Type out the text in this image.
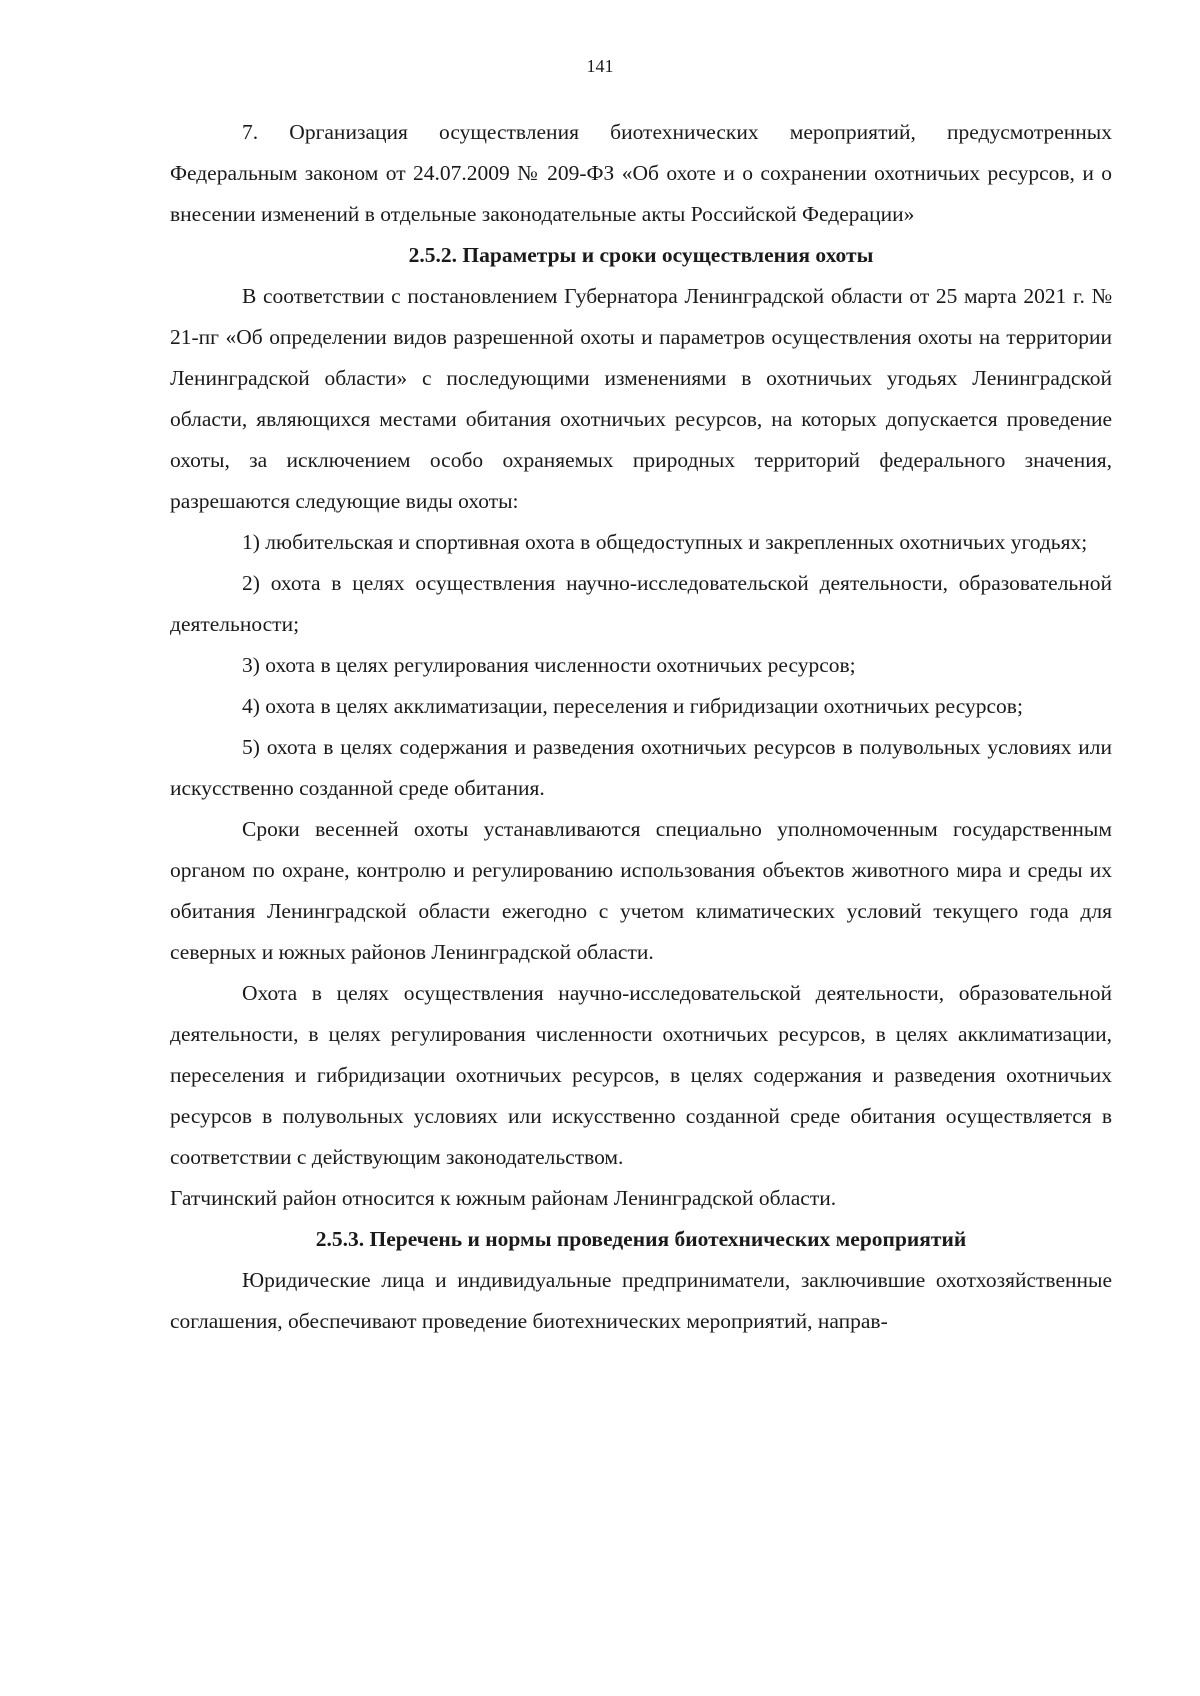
141

7. Организация осуществления биотехнических мероприятий, предусмотренных Федеральным законом от 24.07.2009 № 209-ФЗ «Об охоте и о сохранении охотничьих ресурсов, и о внесении изменений в отдельные законодательные акты Российской Федерации»

2.5.2. Параметры и сроки осуществления охоты

В соответствии с постановлением Губернатора Ленинградской области от 25 марта 2021 г. № 21-пг «Об определении видов разрешенной охоты и параметров осуществления охоты на территории Ленинградской области» с последующими изменениями в охотничьих угодьях Ленинградской области, являющихся местами обитания охотничьих ресурсов, на которых допускается проведение охоты, за исключением особо охраняемых природных территорий федерального значения, разрешаются следующие виды охоты:

1) любительская и спортивная охота в общедоступных и закрепленных охотничьих угодьях;

2) охота в целях осуществления научно-исследовательской деятельности, образовательной деятельности;

3) охота в целях регулирования численности охотничьих ресурсов;

4) охота в целях акклиматизации, переселения и гибридизации охотничьих ресурсов;

5) охота в целях содержания и разведения охотничьих ресурсов в полувольных условиях или искусственно созданной среде обитания.

Сроки весенней охоты устанавливаются специально уполномоченным государственным органом по охране, контролю и регулированию использования объектов животного мира и среды их обитания Ленинградской области ежегодно с учетом климатических условий текущего года для северных и южных районов Ленинградской области.

Охота в целях осуществления научно-исследовательской деятельности, образовательной деятельности, в целях регулирования численности охотничьих ресурсов, в целях акклиматизации, переселения и гибридизации охотничьих ресурсов, в целях содержания и разведения охотничьих ресурсов в полувольных условиях или искусственно созданной среде обитания осуществляется в соответствии с действующим законодательством.

Гатчинский район относится к южным районам Ленинградской области.

2.5.3. Перечень и нормы проведения биотехнических мероприятий

Юридические лица и индивидуальные предприниматели, заключившие охотхозяйственные соглашения, обеспечивают проведение биотехнических мероприятий, направ-
